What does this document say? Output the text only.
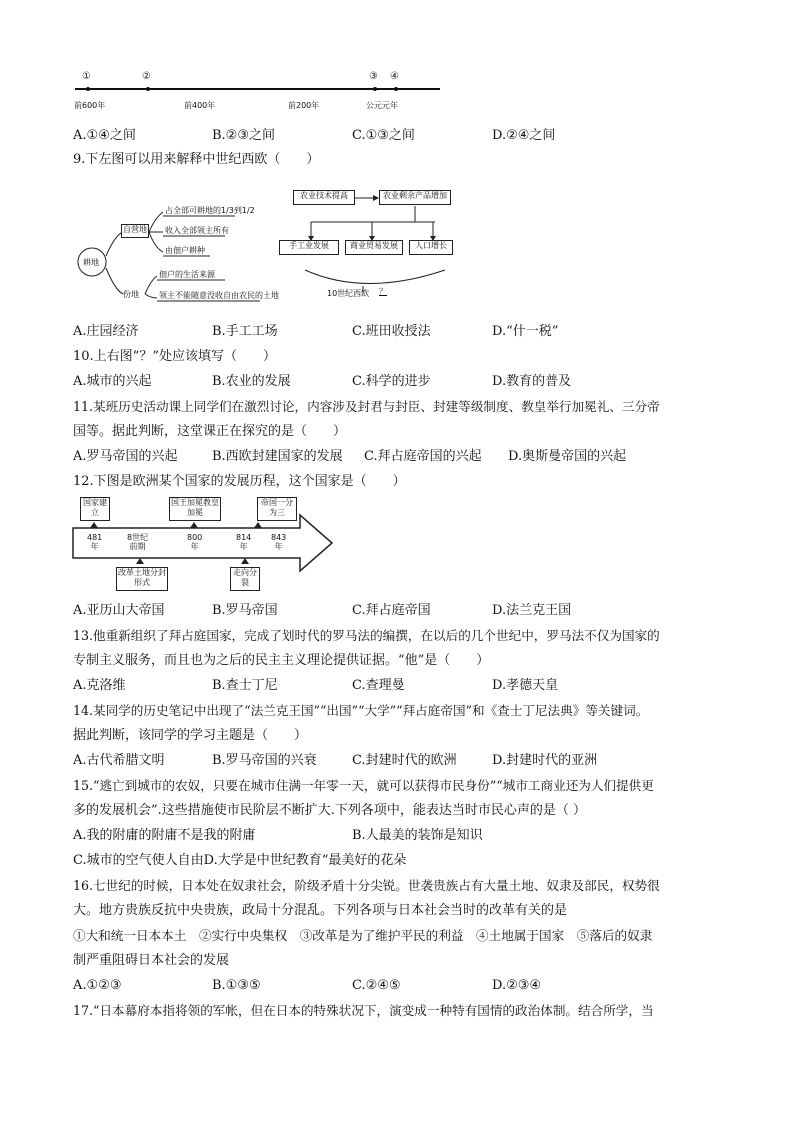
①	②	③ ④
前600年	前400年	前200年	公元元年
A.①④之间	B.②③之间	C.①③之间	D.②④之间
9.下左图可以用来解释中世纪西欧（　　）
耕地
自营地
占全部可耕地的1/3到1/2
收入全部领主所有
由佃户耕种
份地
佃户的生活来源
领主不能随意没收自由农民的土地
农业技术提高	农业剩余产品增加
手工业发展	商业贸易发展	人口增长
10世纪西欧 ？
A.庄园经济	B.手工工场	C.班田收授法	D.“什一税”
10.上右图“？”处应该填写（　　）
A.城市的兴起	B.农业的发展	C.科学的进步	D.教育的普及
11.某班历史活动课上同学们在激烈讨论，内容涉及封君与封臣、封建等级制度、教皇举行加冕礼、三分帝
国等。据此判断，这堂课正在探究的是（　　）
A.罗马帝国的兴起	B.西欧封建国家的发展 C.拜占庭帝国的兴起 D.奥斯曼帝国的兴起
12.下图是欧洲某个国家的发展历程，这个国家是（　　）
国家建立
国王加冕教皇加冕
帝国一分为三
481
年
8世纪
前期
800
年
814
年
843
年
改革土地分封形式
走向分裂
A.亚历山大帝国	B.罗马帝国	C.拜占庭帝国	D.法兰克王国
13.他重新组织了拜占庭国家，完成了划时代的罗马法的编撰，在以后的几个世纪中，罗马法不仅为国家的
专制主义服务，而且也为之后的民主主义理论提供证据。“他”是（　　）
A.克洛维	B.查士丁尼	C.查理曼	D.孝德天皇
14.某同学的历史笔记中出现了“法兰克王国”“出国”“大学”“拜占庭帝国”和《查士丁尼法典》等关键词。
据此判断，该同学的学习主题是（　　）
A.古代希腊文明	B.罗马帝国的兴衰	C.封建时代的欧洲	D.封建时代的亚洲
15.“逃亡到城市的农奴，只要在城市住满一年零一天，就可以获得市民身份”“城市工商业还为人们提供更
多的发展机会”.这些措施使市民阶层不断扩大.下列各项中，能表达当时市民心声的是（ ）
A.我的附庸的附庸不是我的附庸	B.人最美的装饰是知识
C.城市的空气使人自由D.大学是中世纪教育“最美好的花朵
16.七世纪的时候，日本处在奴隶社会，阶级矛盾十分尖锐。世袭贵族占有大量土地、奴隶及部民，权势很
大。地方贵族反抗中央贵族，政局十分混乱。下列各项与日本社会当时的改革有关的是
①大和统一日本本土　②实行中央集权　③改革是为了维护平民的利益　④土地属于国家　⑤落后的奴隶
制严重阻碍日本社会的发展
A.①②③	B.①③⑤	C.②④⑤	D.②③④
17.“日本幕府本指将领的军帐，但在日本的特殊状况下，演变成一种特有国情的政治体制。结合所学，当
